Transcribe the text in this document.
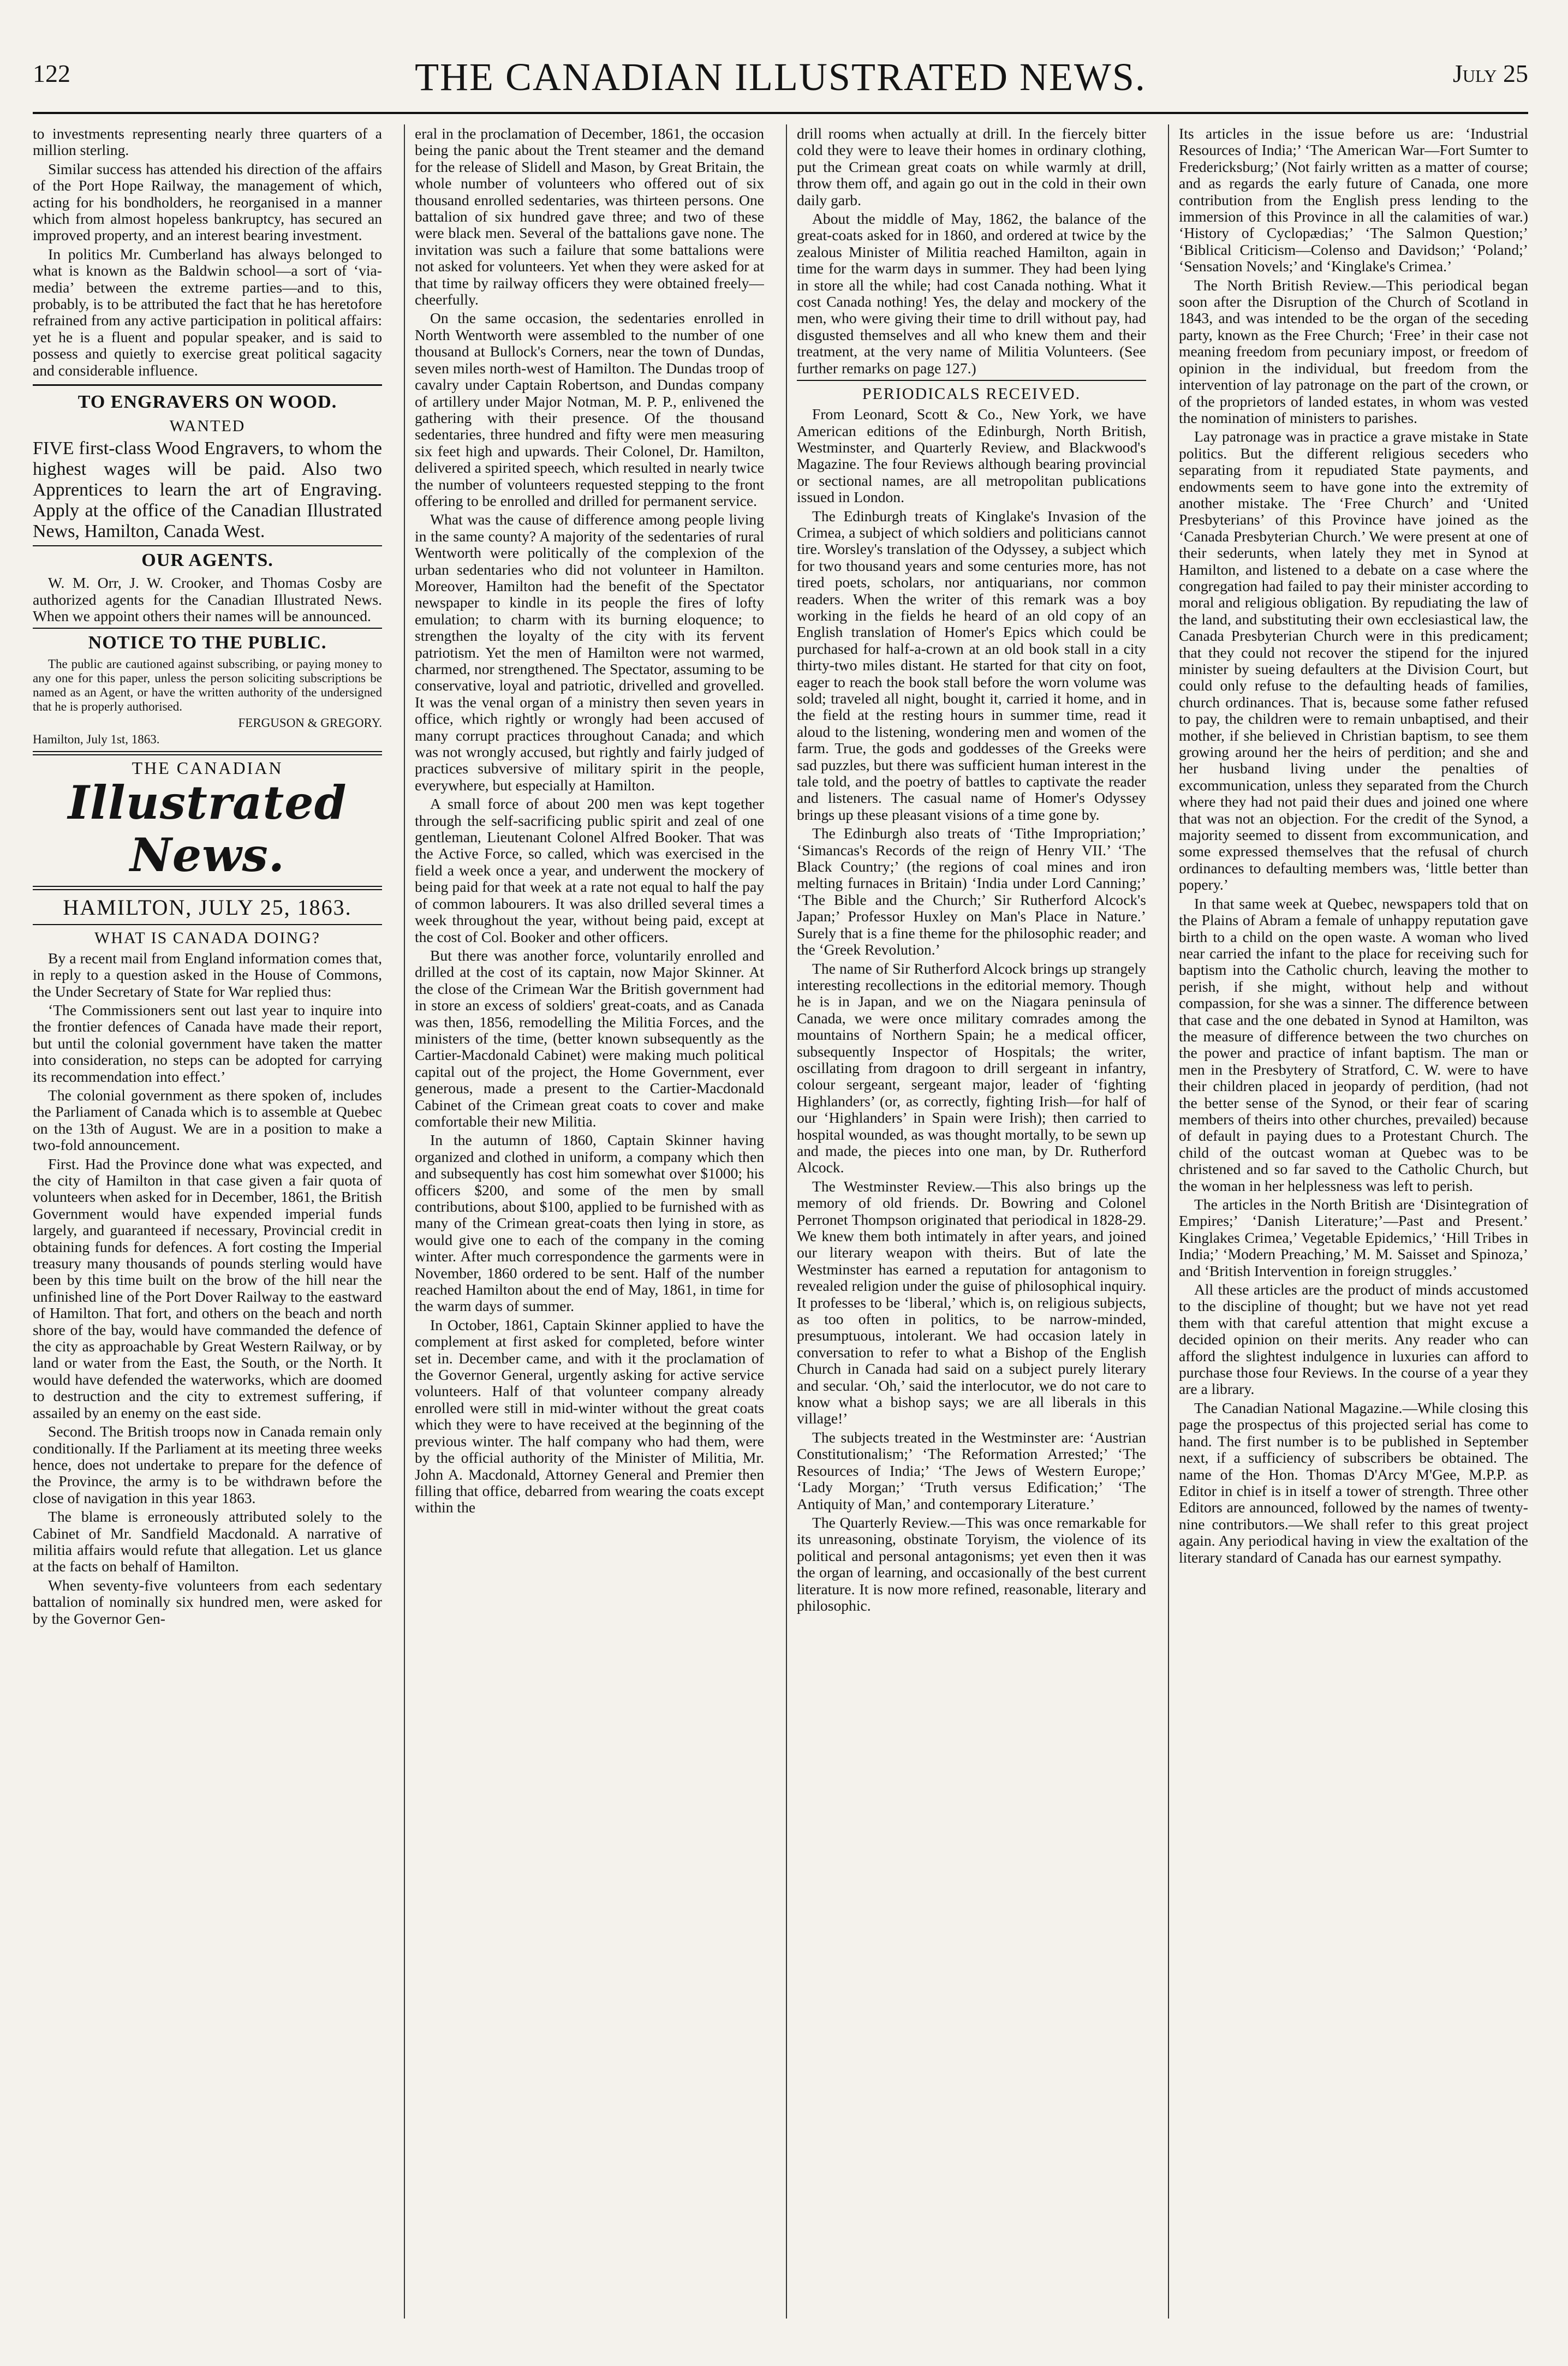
122	THE CANADIAN ILLUSTRATED NEWS.	July 25

to investments representing nearly three quarters of a million sterling.

Similar success has attended his direction of the affairs of the Port Hope Railway, the management of which, acting for his bondholders, he reorganised in a manner which from almost hopeless bankruptcy, has secured an improved property, and an interest bearing investment.

In politics Mr. Cumberland has always belonged to what is known as the Baldwin school—a sort of ‘via-media’ between the extreme parties—and to this, probably, is to be attributed the fact that he has heretofore refrained from any active participation in political affairs: yet he is a fluent and popular speaker, and is said to possess and quietly to exercise great political sagacity and considerable influence.

TO ENGRAVERS ON WOOD.
WANTED

FIVE first-class Wood Engravers, to whom the highest wages will be paid. Also two Apprentices to learn the art of Engraving. Apply at the office of the Canadian Illustrated News, Hamilton, Canada West.

OUR AGENTS.

W. M. Orr, J. W. Crooker, and Thomas Cosby are authorized agents for the Canadian Illustrated News. When we appoint others their names will be announced.

NOTICE TO THE PUBLIC.

The public are cautioned against subscribing, or paying money to any one for this paper, unless the person soliciting subscriptions be named as an Agent, or have the written authority of the undersigned that he is properly authorised.

FERGUSON & GREGORY.

Hamilton, July 1st, 1863.

THE CANADIAN
Illustrated News.
HAMILTON, JULY 25, 1863.
WHAT IS CANADA DOING?

By a recent mail from England information comes that, in reply to a question asked in the House of Commons, the Under Secretary of State for War replied thus:

‘The Commissioners sent out last year to inquire into the frontier defences of Canada have made their report, but until the colonial government have taken the matter into consideration, no steps can be adopted for carrying its recommendation into effect.’

The colonial government as there spoken of, includes the Parliament of Canada which is to assemble at Quebec on the 13th of August. We are in a position to make a two-fold announcement.

First. Had the Province done what was expected, and the city of Hamilton in that case given a fair quota of volunteers when asked for in December, 1861, the British Government would have expended imperial funds largely, and guaranteed if necessary, Provincial credit in obtaining funds for defences. A fort costing the Imperial treasury many thousands of pounds sterling would have been by this time built on the brow of the hill near the unfinished line of the Port Dover Railway to the eastward of Hamilton. That fort, and others on the beach and north shore of the bay, would have commanded the defence of the city as approachable by Great Western Railway, or by land or water from the East, the South, or the North. It would have defended the waterworks, which are doomed to destruction and the city to extremest suffering, if assailed by an enemy on the east side.

Second. The British troops now in Canada remain only conditionally. If the Parliament at its meeting three weeks hence, does not undertake to prepare for the defence of the Province, the army is to be withdrawn before the close of navigation in this year 1863.

The blame is erroneously attributed solely to the Cabinet of Mr. Sandfield Macdonald. A narrative of militia affairs would refute that allegation. Let us glance at the facts on behalf of Hamilton.

When seventy-five volunteers from each sedentary battalion of nominally six hundred men, were asked for by the Governor Gen-

eral in the proclamation of December, 1861, the occasion being the panic about the Trent steamer and the demand for the release of Slidell and Mason, by Great Britain, the whole number of volunteers who offered out of six thousand enrolled sedentaries, was thirteen persons. One battalion of six hundred gave three; and two of these were black men. Several of the battalions gave none. The invitation was such a failure that some battalions were not asked for volunteers. Yet when they were asked for at that time by railway officers they were obtained freely—cheerfully.

On the same occasion, the sedentaries enrolled in North Wentworth were assembled to the number of one thousand at Bullock's Corners, near the town of Dundas, seven miles north-west of Hamilton. The Dundas troop of cavalry under Captain Robertson, and Dundas company of artillery under Major Notman, M. P. P., enlivened the gathering with their presence. Of the thousand sedentaries, three hundred and fifty were men measuring six feet high and upwards. Their Colonel, Dr. Hamilton, delivered a spirited speech, which resulted in nearly twice the number of volunteers requested stepping to the front offering to be enrolled and drilled for permanent service.

What was the cause of difference among people living in the same county? A majority of the sedentaries of rural Wentworth were politically of the complexion of the urban sedentaries who did not volunteer in Hamilton. Moreover, Hamilton had the benefit of the Spectator newspaper to kindle in its people the fires of lofty emulation; to charm with its burning eloquence; to strengthen the loyalty of the city with its fervent patriotism. Yet the men of Hamilton were not warmed, charmed, nor strengthened. The Spectator, assuming to be conservative, loyal and patriotic, drivelled and grovelled. It was the venal organ of a ministry then seven years in office, which rightly or wrongly had been accused of many corrupt practices throughout Canada; and which was not wrongly accused, but rightly and fairly judged of practices subversive of military spirit in the people, everywhere, but especially at Hamilton.

A small force of about 200 men was kept together through the self-sacrificing public spirit and zeal of one gentleman, Lieutenant Colonel Alfred Booker. That was the Active Force, so called, which was exercised in the field a week once a year, and underwent the mockery of being paid for that week at a rate not equal to half the pay of common labourers. It was also drilled several times a week throughout the year, without being paid, except at the cost of Col. Booker and other officers.

But there was another force, voluntarily enrolled and drilled at the cost of its captain, now Major Skinner. At the close of the Crimean War the British government had in store an excess of soldiers' great-coats, and as Canada was then, 1856, remodelling the Militia Forces, and the ministers of the time, (better known subsequently as the Cartier-Macdonald Cabinet) were making much political capital out of the project, the Home Government, ever generous, made a present to the Cartier-Macdonald Cabinet of the Crimean great coats to cover and make comfortable their new Militia.

In the autumn of 1860, Captain Skinner having organized and clothed in uniform, a company which then and subsequently has cost him somewhat over $1000; his officers $200, and some of the men by small contributions, about $100, applied to be furnished with as many of the Crimean great-coats then lying in store, as would give one to each of the company in the coming winter. After much correspondence the garments were in November, 1860 ordered to be sent. Half of the number reached Hamilton about the end of May, 1861, in time for the warm days of summer.

In October, 1861, Captain Skinner applied to have the complement at first asked for completed, before winter set in. December came, and with it the proclamation of the Governor General, urgently asking for active service volunteers. Half of that volunteer company already enrolled were still in mid-winter without the great coats which they were to have received at the beginning of the previous winter. The half company who had them, were by the official authority of the Minister of Militia, Mr. John A. Macdonald, Attorney General and Premier then filling that office, debarred from wearing the coats except within the

drill rooms when actually at drill. In the fiercely bitter cold they were to leave their homes in ordinary clothing, put the Crimean great coats on while warmly at drill, throw them off, and again go out in the cold in their own daily garb.

About the middle of May, 1862, the balance of the great-coats asked for in 1860, and ordered at twice by the zealous Minister of Militia reached Hamilton, again in time for the warm days in summer. They had been lying in store all the while; had cost Canada nothing. What it cost Canada nothing! Yes, the delay and mockery of the men, who were giving their time to drill without pay, had disgusted themselves and all who knew them and their treatment, at the very name of Militia Volunteers. (See further remarks on page 127.)

PERIODICALS RECEIVED.

From Leonard, Scott & Co., New York, we have American editions of the Edinburgh, North British, Westminster, and Quarterly Review, and Blackwood's Magazine. The four Reviews although bearing provincial or sectional names, are all metropolitan publications issued in London.

The Edinburgh treats of Kinglake's Invasion of the Crimea, a subject of which soldiers and politicians cannot tire. Worsley's translation of the Odyssey, a subject which for two thousand years and some centuries more, has not tired poets, scholars, nor antiquarians, nor common readers. When the writer of this remark was a boy working in the fields he heard of an old copy of an English translation of Homer's Epics which could be purchased for half-a-crown at an old book stall in a city thirty-two miles distant. He started for that city on foot, eager to reach the book stall before the worn volume was sold; traveled all night, bought it, carried it home, and in the field at the resting hours in summer time, read it aloud to the listening, wondering men and women of the farm. True, the gods and goddesses of the Greeks were sad puzzles, but there was sufficient human interest in the tale told, and the poetry of battles to captivate the reader and listeners. The casual name of Homer's Odyssey brings up these pleasant visions of a time gone by.

The Edinburgh also treats of ‘Tithe Impropriation;’ ‘Simancas's Records of the reign of Henry VII.’ ‘The Black Country;’ (the regions of coal mines and iron melting furnaces in Britain) ‘India under Lord Canning;’ ‘The Bible and the Church;’ Sir Rutherford Alcock's Japan;’ Professor Huxley on Man's Place in Nature.’ Surely that is a fine theme for the philosophic reader; and the ‘Greek Revolution.’

The name of Sir Rutherford Alcock brings up strangely interesting recollections in the editorial memory. Though he is in Japan, and we on the Niagara peninsula of Canada, we were once military comrades among the mountains of Northern Spain; he a medical officer, subsequently Inspector of Hospitals; the writer, oscillating from dragoon to drill sergeant in infantry, colour sergeant, sergeant major, leader of ‘fighting Highlanders’ (or, as correctly, fighting Irish—for half of our ‘Highlanders’ in Spain were Irish); then carried to hospital wounded, as was thought mortally, to be sewn up and made, the pieces into one man, by Dr. Rutherford Alcock.

The Westminster Review.—This also brings up the memory of old friends. Dr. Bowring and Colonel Perronet Thompson originated that periodical in 1828-29. We knew them both intimately in after years, and joined our literary weapon with theirs. But of late the Westminster has earned a reputation for antagonism to revealed religion under the guise of philosophical inquiry. It professes to be ‘liberal,’ which is, on religious subjects, as too often in politics, to be narrow-minded, presumptuous, intolerant. We had occasion lately in conversation to refer to what a Bishop of the English Church in Canada had said on a subject purely literary and secular. ‘Oh,’ said the interlocutor, we do not care to know what a bishop says; we are all liberals in this village!’

The subjects treated in the Westminster are: ‘Austrian Constitutionalism;’ ‘The Reformation Arrested;’ ‘The Resources of India;’ ‘The Jews of Western Europe;’ ‘Lady Morgan;’ ‘Truth versus Edification;’ ‘The Antiquity of Man,’ and contemporary Literature.’

The Quarterly Review.—This was once remarkable for its unreasoning, obstinate Toryism, the violence of its political and personal antagonisms; yet even then it was the organ of learning, and occasionally of the best current literature. It is now more refined, reasonable, literary and philosophic.

Its articles in the issue before us are: ‘Industrial Resources of India;’ ‘The American War—Fort Sumter to Fredericksburg;’ (Not fairly written as a matter of course; and as regards the early future of Canada, one more contribution from the English press lending to the immersion of this Province in all the calamities of war.) ‘History of Cyclopædias;’ ‘The Salmon Question;’ ‘Biblical Criticism—Colenso and Davidson;’ ‘Poland;’ ‘Sensation Novels;’ and ‘Kinglake's Crimea.’

The North British Review.—This periodical began soon after the Disruption of the Church of Scotland in 1843, and was intended to be the organ of the seceding party, known as the Free Church; ‘Free’ in their case not meaning freedom from pecuniary impost, or freedom of opinion in the individual, but freedom from the intervention of lay patronage on the part of the crown, or of the proprietors of landed estates, in whom was vested the nomination of ministers to parishes.

Lay patronage was in practice a grave mistake in State politics. But the different religious seceders who separating from it repudiated State payments, and endowments seem to have gone into the extremity of another mistake. The ‘Free Church’ and ‘United Presbyterians’ of this Province have joined as the ‘Canada Presbyterian Church.’ We were present at one of their sederunts, when lately they met in Synod at Hamilton, and listened to a debate on a case where the congregation had failed to pay their minister according to moral and religious obligation. By repudiating the law of the land, and substituting their own ecclesiastical law, the Canada Presbyterian Church were in this predicament; that they could not recover the stipend for the injured minister by sueing defaulters at the Division Court, but could only refuse to the defaulting heads of families, church ordinances. That is, because some father refused to pay, the children were to remain unbaptised, and their mother, if she believed in Christian baptism, to see them growing around her the heirs of perdition; and she and her husband living under the penalties of excommunication, unless they separated from the Church where they had not paid their dues and joined one where that was not an objection. For the credit of the Synod, a majority seemed to dissent from excommunication, and some expressed themselves that the refusal of church ordinances to defaulting members was, ‘little better than popery.’

In that same week at Quebec, newspapers told that on the Plains of Abram a female of unhappy reputation gave birth to a child on the open waste. A woman who lived near carried the infant to the place for receiving such for baptism into the Catholic church, leaving the mother to perish, if she might, without help and without compassion, for she was a sinner. The difference between that case and the one debated in Synod at Hamilton, was the measure of difference between the two churches on the power and practice of infant baptism. The man or men in the Presbytery of Stratford, C. W. were to have their children placed in jeopardy of perdition, (had not the better sense of the Synod, or their fear of scaring members of theirs into other churches, prevailed) because of default in paying dues to a Protestant Church. The child of the outcast woman at Quebec was to be christened and so far saved to the Catholic Church, but the woman in her helplessness was left to perish.

The articles in the North British are ‘Disintegration of Empires;’ ‘Danish Literature;’—Past and Present.’ Kinglakes Crimea,’ Vegetable Epidemics,’ ‘Hill Tribes in India;’ ‘Modern Preaching,’ M. M. Saisset and Spinoza,’ and ‘British Intervention in foreign struggles.’

All these articles are the product of minds accustomed to the discipline of thought; but we have not yet read them with that careful attention that might excuse a decided opinion on their merits. Any reader who can afford the slightest indulgence in luxuries can afford to purchase those four Reviews. In the course of a year they are a library.

The Canadian National Magazine.—While closing this page the prospectus of this projected serial has come to hand. The first number is to be published in September next, if a sufficiency of subscribers be obtained. The name of the Hon. Thomas D'Arcy M'Gee, M.P.P. as Editor in chief is in itself a tower of strength. Three other Editors are announced, followed by the names of twenty-nine contributors.—We shall refer to this great project again. Any periodical having in view the exaltation of the literary standard of Canada has our earnest sympathy.
